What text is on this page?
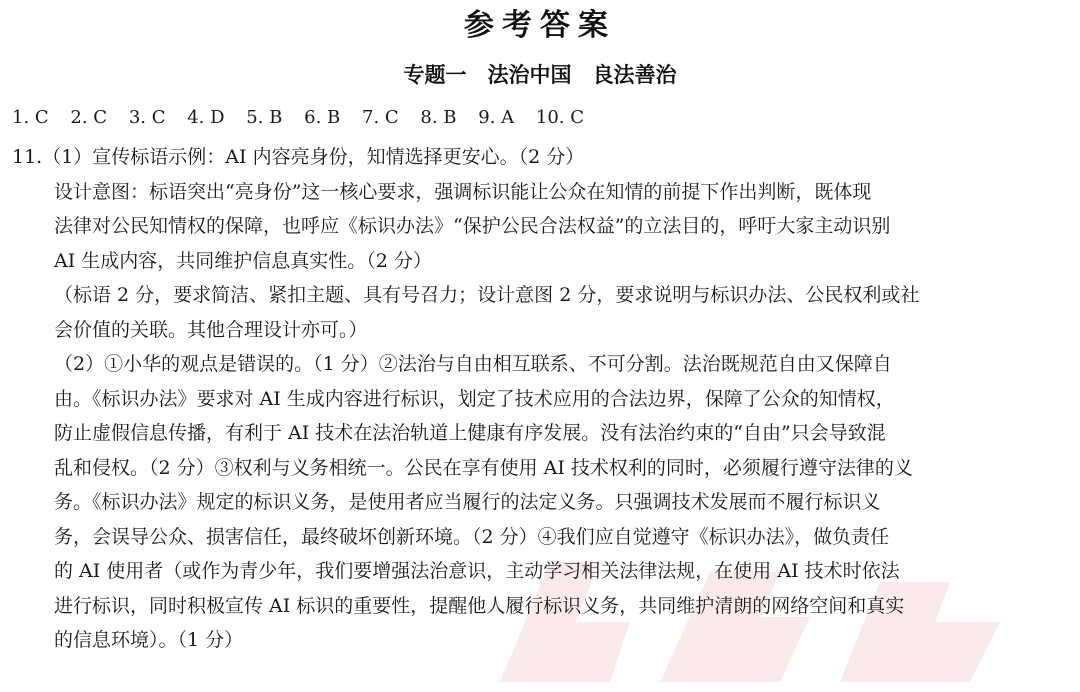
参考答案
专题一　法治中国　良法善治
1. C 2. C 3. C 4. D 5. B 6. B 7. C 8. B 9. A 10. C

11.（1）宣传标语示例：AI 内容亮身份，知情选择更安心。（2 分）

设计意图：标语突出“亮身份”这一核心要求，强调标识能让公众在知情的前提下作出判断，既体现

法律对公民知情权的保障，也呼应《标识办法》“保护公民合法权益”的立法目的，呼吁大家主动识别

AI 生成内容，共同维护信息真实性。（2 分）

（标语 2 分，要求简洁、紧扣主题、具有号召力；设计意图 2 分，要求说明与标识办法、公民权利或社

会价值的关联。其他合理设计亦可。）

（2）①小华的观点是错误的。（1 分）②法治与自由相互联系、不可分割。法治既规范自由又保障自

由。《标识办法》要求对 AI 生成内容进行标识，划定了技术应用的合法边界，保障了公众的知情权，

防止虚假信息传播，有利于 AI 技术在法治轨道上健康有序发展。没有法治约束的“自由”只会导致混

乱和侵权。（2 分）③权利与义务相统一。公民在享有使用 AI 技术权利的同时，必须履行遵守法律的义

务。《标识办法》规定的标识义务，是使用者应当履行的法定义务。只强调技术发展而不履行标识义

务，会误导公众、损害信任，最终破坏创新环境。（2 分）④我们应自觉遵守《标识办法》，做负责任

的 AI 使用者（或作为青少年，我们要增强法治意识，主动学习相关法律法规，在使用 AI 技术时依法

进行标识，同时积极宣传 AI 标识的重要性，提醒他人履行标识义务，共同维护清朗的网络空间和真实

的信息环境）。（1 分）
